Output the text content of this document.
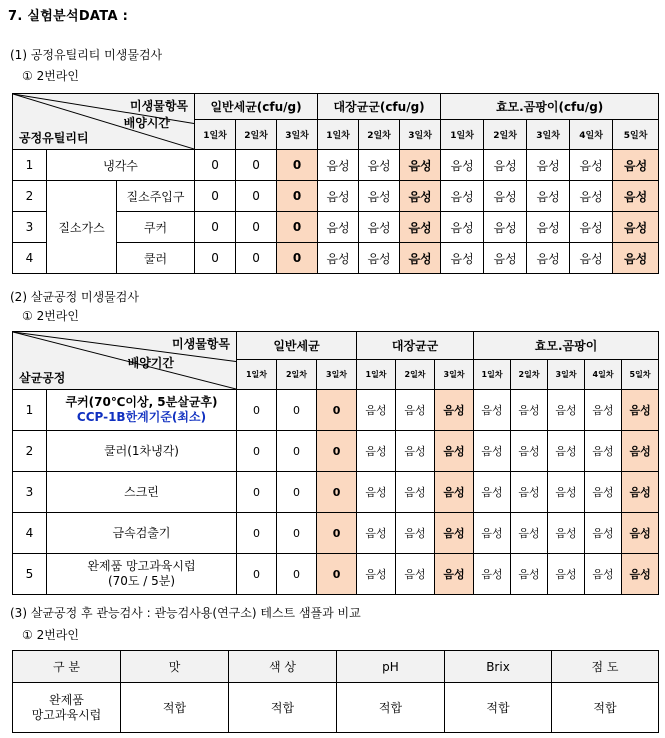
7. 실험분석DATA :
(1) 공정유틸리티 미생물검사
① 2번라인
미생물항목
배양시간
공정유틸리티			일반세균(cfu/g)			대장균군(cfu/g)			효모.곰팡이(cfu/g)				
			1일차	2일차	3일차	1일차	2일차	3일차	1일차	2일차	3일차	4일차	5일차
1	냉각수		0	0	0	음성	음성	음성	음성	음성	음성	음성	음성
2	질소가스	질소주입구	0	0	0	음성	음성	음성	음성	음성	음성	음성	음성
3		쿠커	0	0	0	음성	음성	음성	음성	음성	음성	음성	음성
4		쿨러	0	0	0	음성	음성	음성	음성	음성	음성	음성	음성
(2) 살균공정 미생물검사
① 2번라인
미생물항목
배양기간
살균공정		일반세균			대장균군			효모.곰팡이				
		1일차	2일차	3일차	1일차	2일차	3일차	1일차	2일차	3일차	4일차	5일차
1	쿠커(70℃이상, 5분살균후)
CCP-1B한계기준(최소)	0	0	0	음성	음성	음성	음성	음성	음성	음성	음성
2	쿨러(1차냉각)	0	0	0	음성	음성	음성	음성	음성	음성	음성	음성
3	스크린	0	0	0	음성	음성	음성	음성	음성	음성	음성	음성
4	금속검출기	0	0	0	음성	음성	음성	음성	음성	음성	음성	음성
5	완제품 망고과육시럽
(70도 / 5분)	0	0	0	음성	음성	음성	음성	음성	음성	음성	음성
(3) 살균공정 후 관능검사 : 관능검사용(연구소) 테스트 샘플과 비교
① 2번라인
구 분	맛	색 상	pH	Brix	점 도

완제품
망고과육시럽	적합	적합	적합	적합	적합
